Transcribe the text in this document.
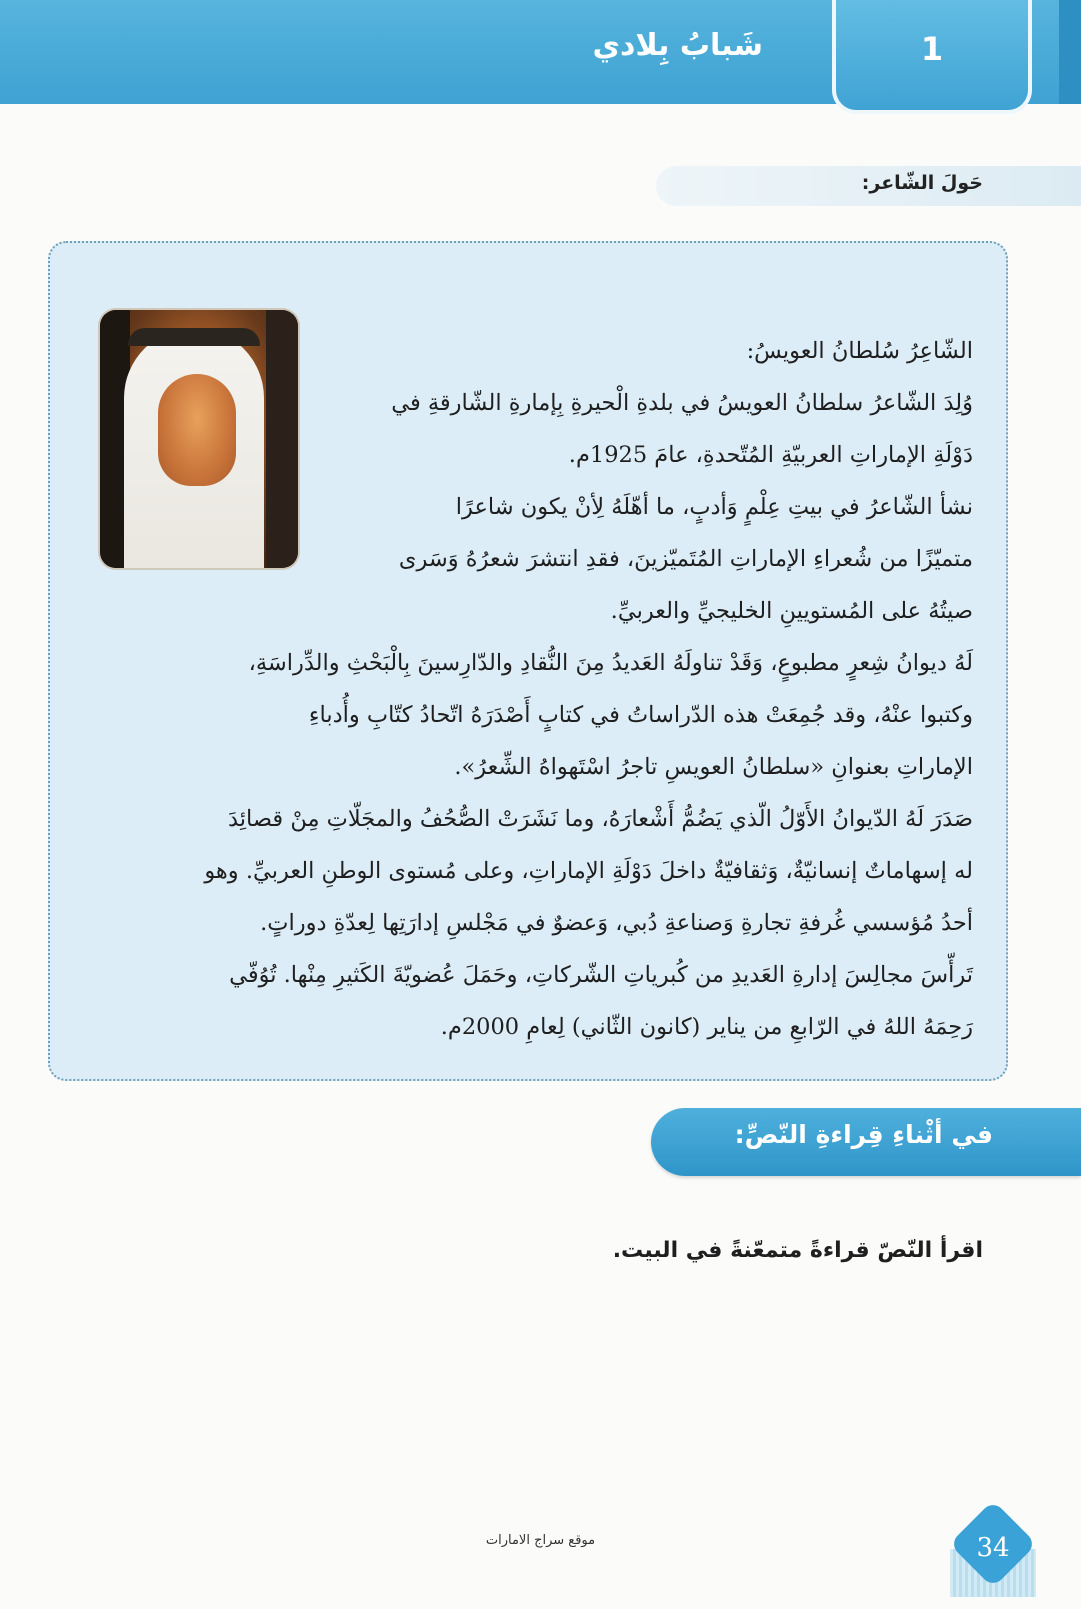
شَبابُ بِلادي	1
حَولَ الشّاعر:
الشّاعِرُ سُلطانُ العويسُ:
وُلِدَ الشّاعرُ سلطانُ العويسُ في بلدةِ الْحيرةِ بِإمارةِ الشّارقةِ في
دَوْلَةِ الإماراتِ العربيّةِ المُتّحدةِ، عامَ 1925م.
نشأ الشّاعرُ في بيتِ عِلْمٍ وَأدبٍ، ما أهّلَهُ لِأنْ يكون شاعرًا
متميّزًا من شُعراءِ الإماراتِ المُتَميّزينَ، فقدِ انتشرَ شعرُهُ وَسَرى
صيتُهُ على المُستويينِ الخليجيِّ والعربيِّ.
لَهُ ديوانُ شِعرٍ مطبوعٍ، وَقَدْ تناولَهُ العَديدُ مِنَ النُّقادِ والدّارِسينَ بِالْبَحْثِ والدِّراسَةِ،
وكتبوا عنْهُ، وقد جُمِعَتْ هذه الدّراساتُ في كتابٍ أَصْدَرَهُ اتّحادُ كتّابِ وأُدباءِ
الإماراتِ بعنوانِ «سلطانُ العويسِ تاجرُ اسْتَهواهُ الشِّعرُ».
صَدَرَ لَهُ الدّيوانُ الأَوّلُ الّذي يَضُمُّ أَشْعارَهُ، وما نَشَرَتْ الصُّحُفُ والمجَلّاتِ مِنْ قصائِدَ
له إسهاماتٌ إنسانيّةٌ، وَثقافيّةٌ داخلَ دَوْلَةِ الإماراتِ، وعلى مُستوى الوطنِ العربيِّ. وهو
أحدُ مُؤسسي غُرفةِ تجارةِ وَصناعةِ دُبي، وَعضوٌ في مَجْلسِ إدارَتِها لِعدّةِ دوراتٍ.
تَرأّسَ مجالِسَ إدارةِ العَديدِ من كُبرياتِ الشّركاتِ، وحَمَلَ عُضويّةَ الكَثيرِ مِنْها. تُوُفّي
رَحِمَهُ اللهُ في الرّابعِ من يناير (كانون الثّاني) لِعامِ 2000م.
في أثْناءِ قِراءةِ النّصِّ:
اقرأ النّصّ قراءةً متمعّنةً في البيت.
موقع سراج الامارات	34
